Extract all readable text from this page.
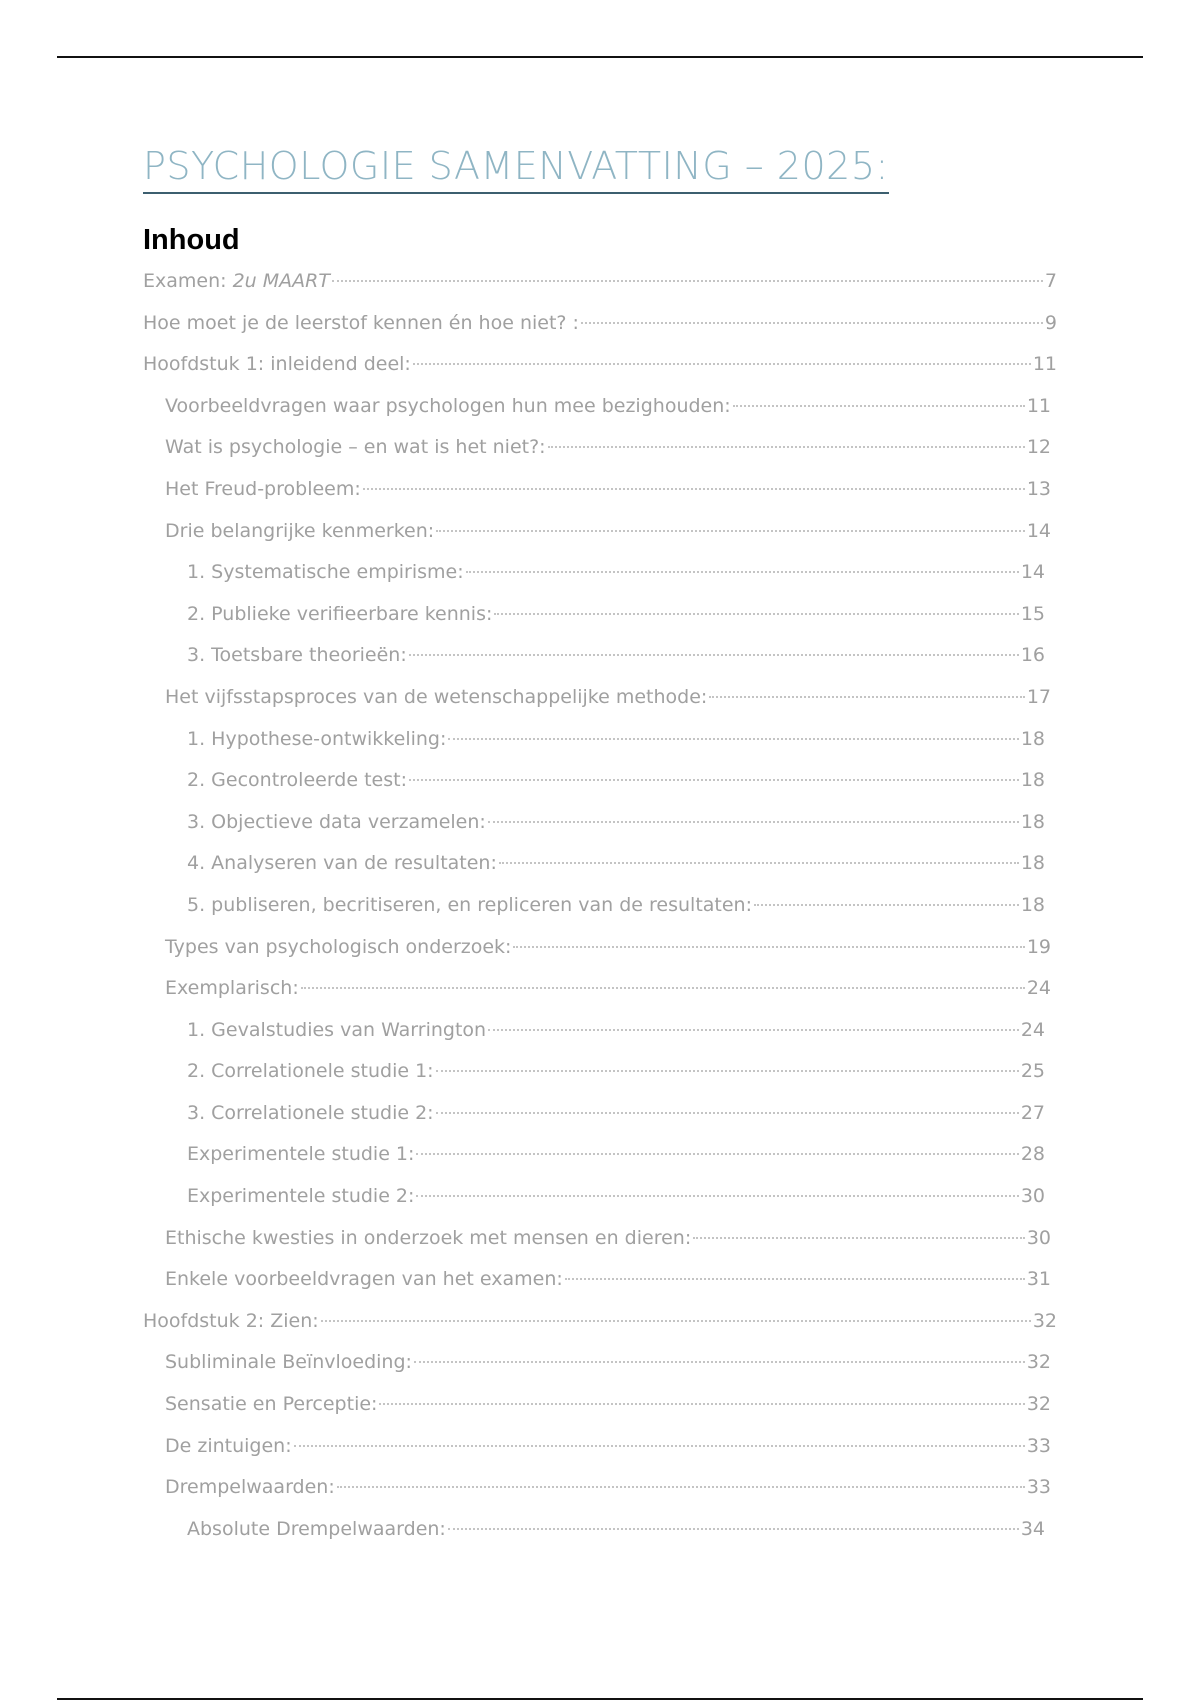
PSYCHOLOGIE SAMENVATTING – 2025:
Inhoud
Examen: 2u MAART	7
Hoe moet je de leerstof kennen én hoe niet? :	9
Hoofdstuk 1: inleidend deel:	11
Voorbeeldvragen waar psychologen hun mee bezighouden:	11
Wat is psychologie – en wat is het niet?:	12
Het Freud-probleem:	13
Drie belangrijke kenmerken:	14
1. Systematische empirisme:	14
2. Publieke verifieerbare kennis:	15
3. Toetsbare theorieën:	16
Het vijfsstapsproces van de wetenschappelijke methode:	17
1. Hypothese-ontwikkeling:	18
2. Gecontroleerde test:	18
3. Objectieve data verzamelen:	18
4. Analyseren van de resultaten:	18
5. publiseren, becritiseren, en repliceren van de resultaten:	18
Types van psychologisch onderzoek:	19
Exemplarisch:	24
1. Gevalstudies van Warrington	24
2. Correlationele studie 1:	25
3. Correlationele studie 2:	27
Experimentele studie 1:	28
Experimentele studie 2:	30
Ethische kwesties in onderzoek met mensen en dieren:	30
Enkele voorbeeldvragen van het examen:	31
Hoofdstuk 2: Zien:	32
Subliminale Beïnvloeding:	32
Sensatie en Perceptie:	32
De zintuigen:	33
Drempelwaarden:	33
Absolute Drempelwaarden:	34
